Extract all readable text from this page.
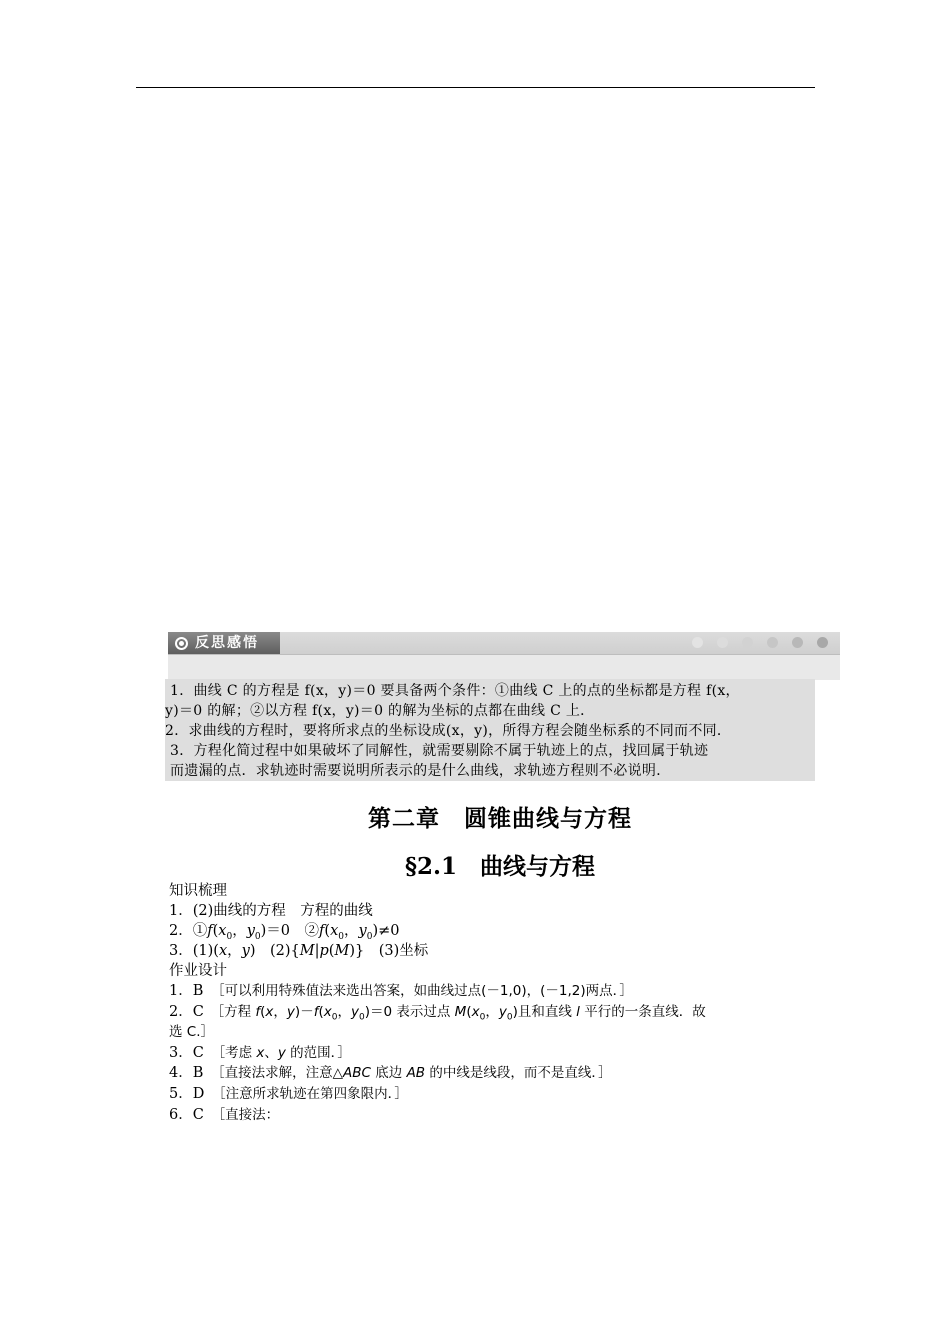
反思感悟

1．曲线 C 的方程是 f(x，y)＝0 要具备两个条件：①曲线 C 上的点的坐标都是方程 f(x，
y)＝0 的解；②以方程 f(x，y)＝0 的解为坐标的点都在曲线 C 上．
2．求曲线的方程时，要将所求点的坐标设成(x，y)，所得方程会随坐标系的不同而不同．
3．方程化简过程中如果破坏了同解性，就需要剔除不属于轨迹上的点，找回属于轨迹
而遗漏的点．求轨迹时需要说明所表示的是什么曲线，求轨迹方程则不必说明．
第二章　圆锥曲线与方程
§2.1　 曲线与方程
知识梳理
1．(2)曲线的方程　方程的曲线
2．$①f(x_0$，$y_0)=0$　$②f(x_0$，$y_0)\ne 0$
3．(1)(x，y)　(2){M|p(M)}　(3)坐标
作业设计
1．B　 ［可以利用特殊值法来选出答案，如曲线过点(－1,0)，(－1,2)两点．］
2．C　 ［方程 f(x，$y)-f(x_0$，$y_0)=0$ 表示过点 $M(x_0$，$y_0$)且和直线 l 平行的一条直线．故
选 C.］
3．C　 ［考虑 x、y 的范围．］
4．B　 ［直接法求解，注意△ABC 底边 AB 的中线是线段，而不是直线．］
5．D　 ［注意所求轨迹在第四象限内．］
6．C　 ［直接法：
